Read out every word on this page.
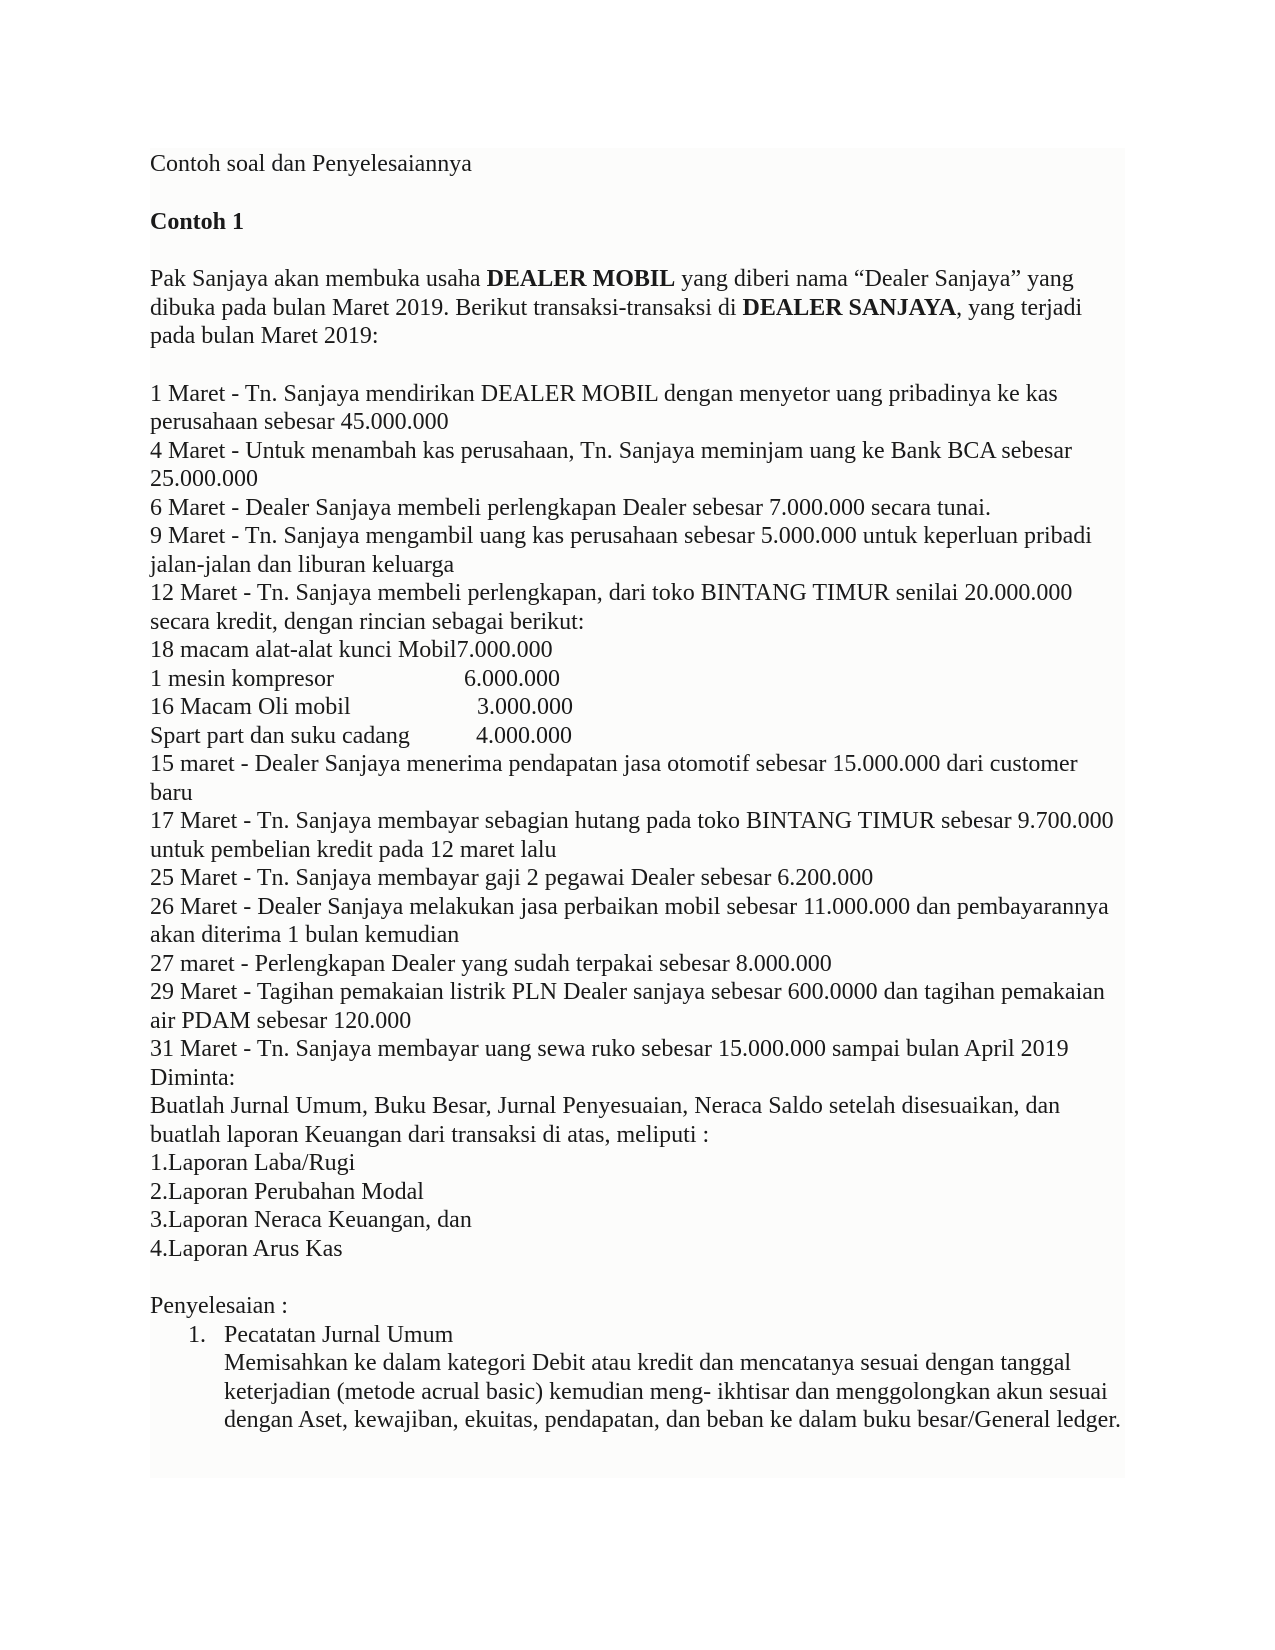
Contoh soal dan Penyelesaiannya

Contoh 1

Pak Sanjaya akan membuka usaha DEALER MOBIL yang diberi nama “Dealer Sanjaya” yang dibuka pada bulan Maret 2019. Berikut transaksi-transaksi di DEALER SANJAYA, yang terjadi pada bulan Maret 2019:

1 Maret - Tn. Sanjaya mendirikan DEALER MOBIL dengan menyetor uang pribadinya ke kas perusahaan sebesar 45.000.000

4 Maret - Untuk menambah kas perusahaan, Tn. Sanjaya meminjam uang ke Bank BCA sebesar 25.000.000

6 Maret - Dealer Sanjaya membeli perlengkapan Dealer sebesar 7.000.000 secara tunai.

9 Maret - Tn. Sanjaya mengambil uang kas perusahaan sebesar 5.000.000 untuk keperluan pribadi jalan-jalan dan liburan keluarga

12 Maret - Tn. Sanjaya membeli perlengkapan, dari toko BINTANG TIMUR senilai 20.000.000 secara kredit, dengan rincian sebagai berikut:

18 macam alat-alat kunci Mobil 7.000.000
1 mesin kompresor	6.000.000
16 Macam Oli mobil	3.000.000
Spart part dan suku cadang	4.000.000

15 maret - Dealer Sanjaya menerima pendapatan jasa otomotif sebesar 15.000.000 dari customer baru

17 Maret - Tn. Sanjaya membayar sebagian hutang pada toko BINTANG TIMUR sebesar 9.700.000 untuk pembelian kredit pada 12 maret lalu

25 Maret - Tn. Sanjaya membayar gaji 2 pegawai Dealer sebesar 6.200.000

26 Maret - Dealer Sanjaya melakukan jasa perbaikan mobil sebesar 11.000.000 dan pembayarannya akan diterima 1 bulan kemudian

27 maret - Perlengkapan Dealer yang sudah terpakai sebesar 8.000.000

29 Maret - Tagihan pemakaian listrik PLN Dealer sanjaya sebesar 600.0000 dan tagihan pemakaian air PDAM sebesar 120.000

31 Maret - Tn. Sanjaya membayar uang sewa ruko sebesar 15.000.000 sampai bulan April 2019

Diminta:

Buatlah Jurnal Umum, Buku Besar, Jurnal Penyesuaian, Neraca Saldo setelah disesuaikan, dan buatlah laporan Keuangan dari transaksi di atas, meliputi :

1.Laporan Laba/Rugi

2.Laporan Perubahan Modal

3.Laporan Neraca Keuangan, dan

4.Laporan Arus Kas

Penyelesaian :

1. Pecatatan Jurnal Umum

Memisahkan ke dalam kategori Debit atau kredit dan mencatanya sesuai dengan tanggal keterjadian (metode acrual basic) kemudian meng- ikhtisar dan menggolongkan akun sesuai dengan Aset, kewajiban, ekuitas, pendapatan, dan beban ke dalam buku besar/General ledger.
